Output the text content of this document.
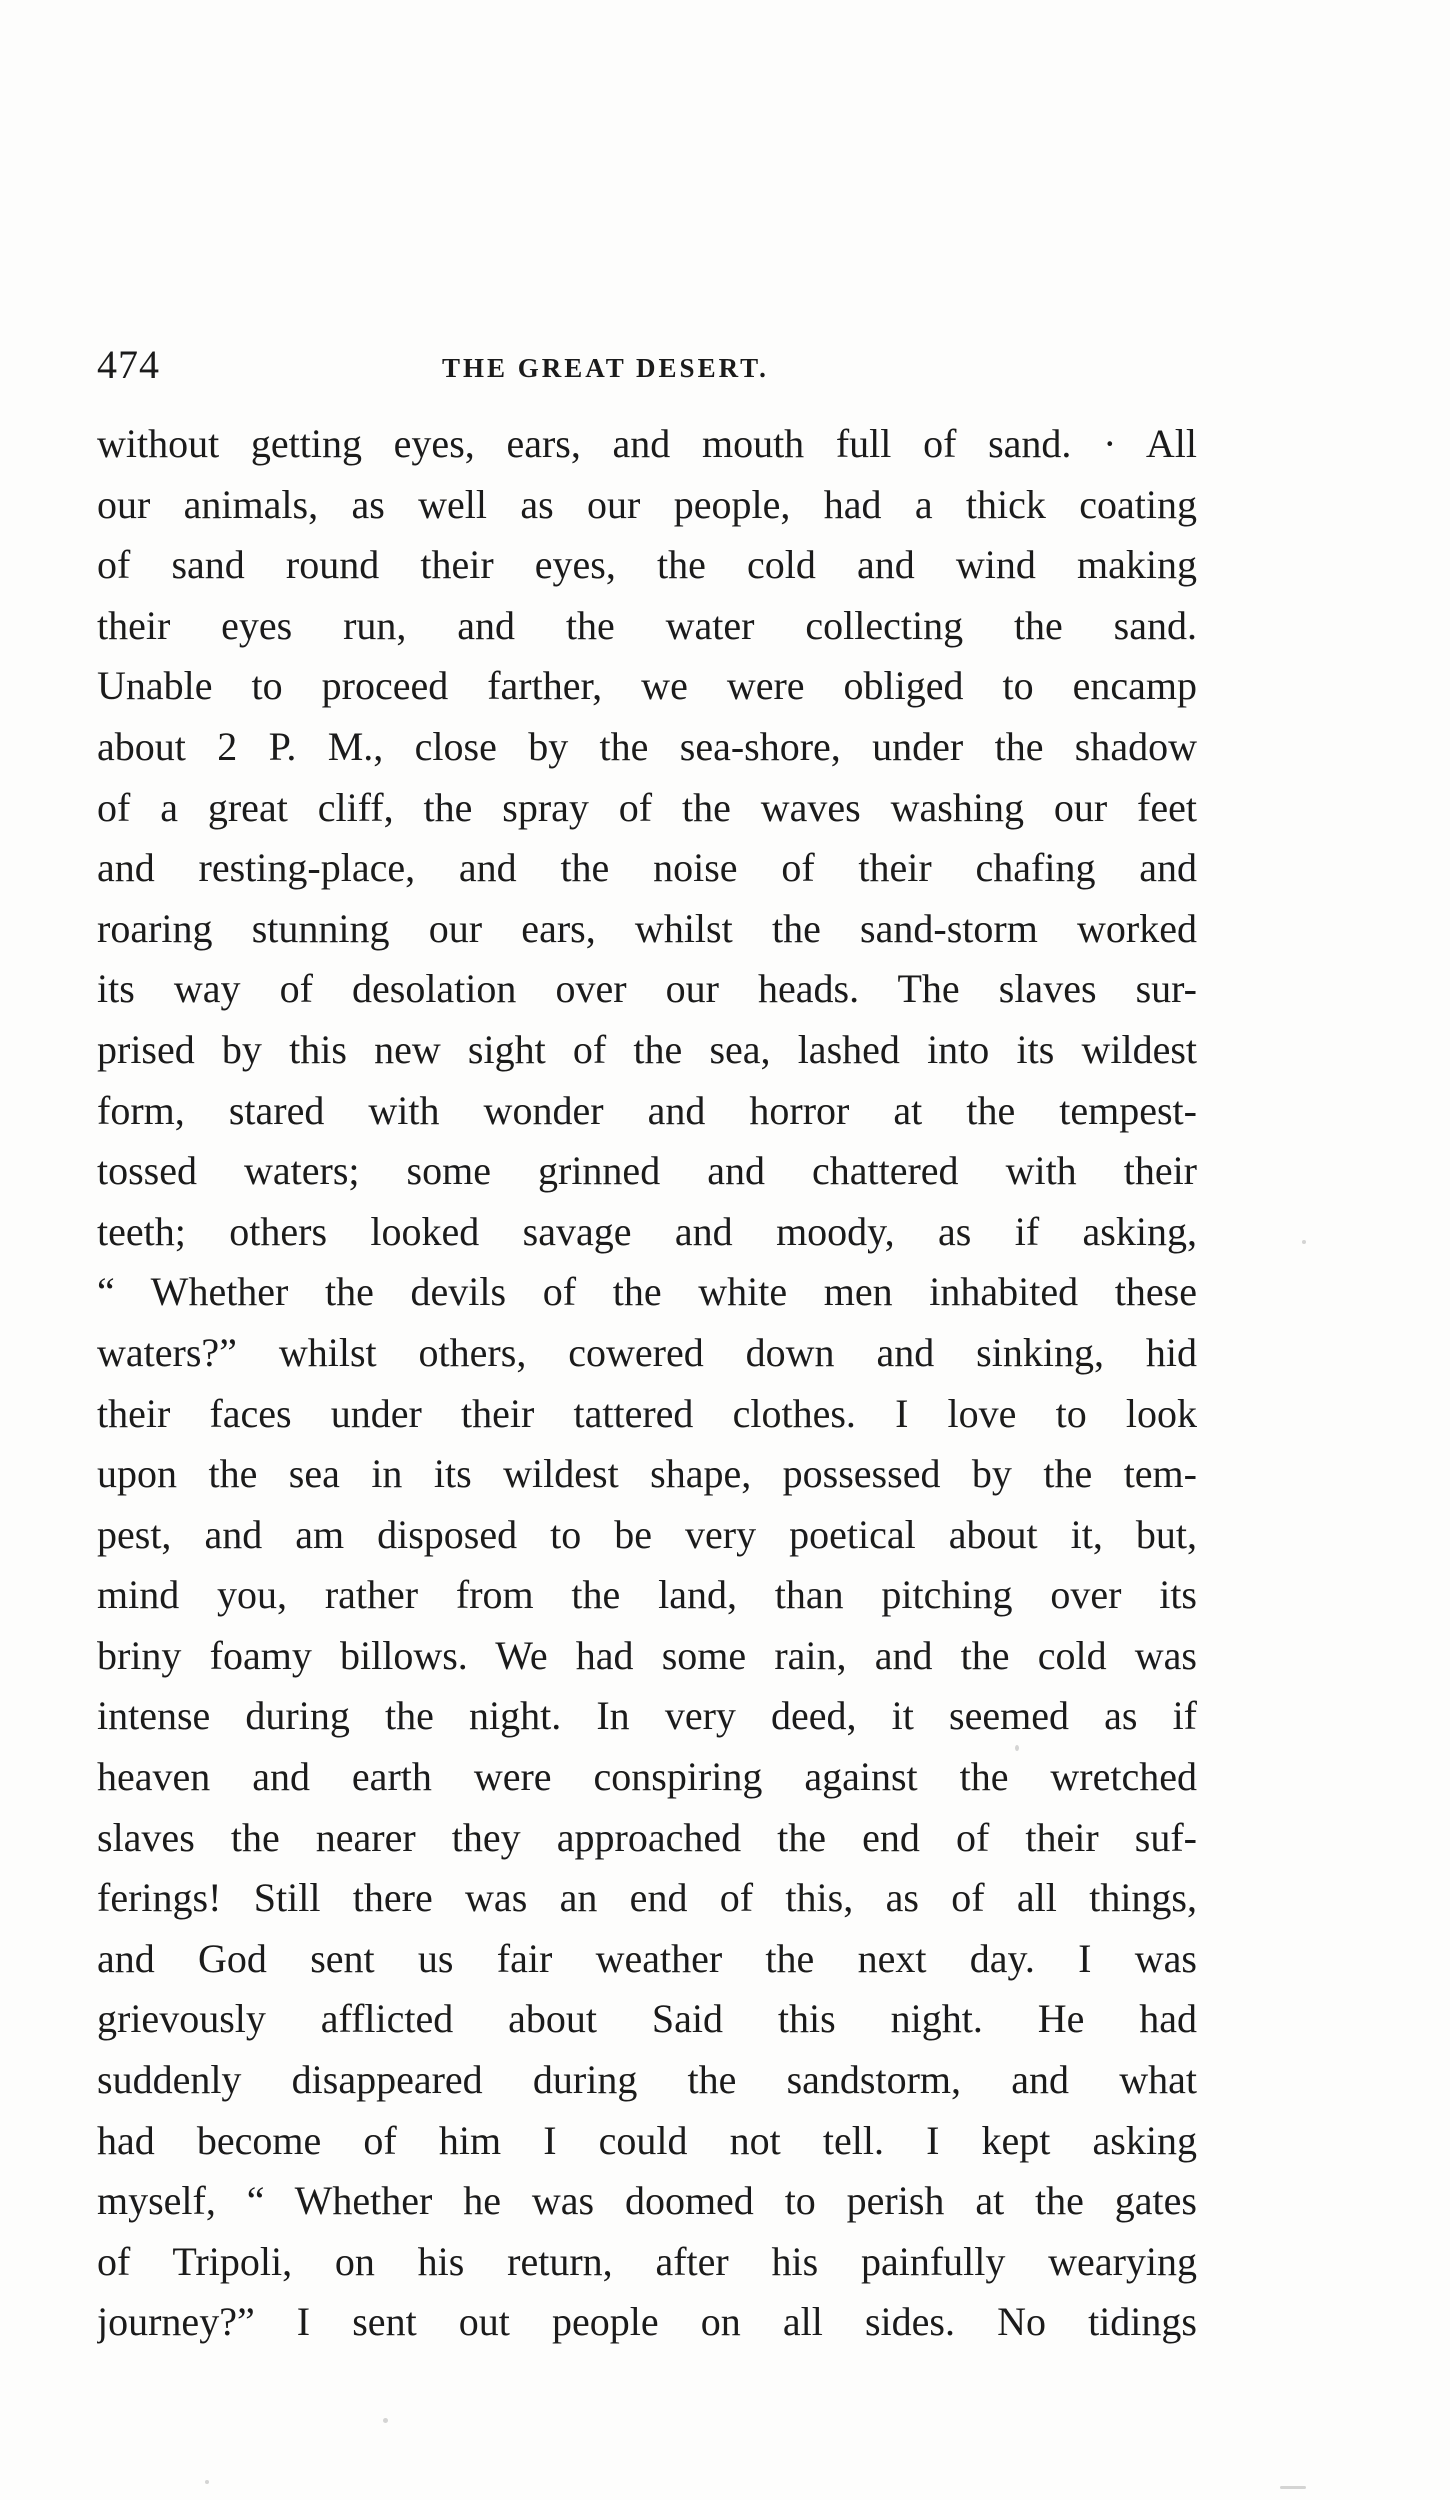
474	THE GREAT DESERT.
without getting eyes, ears, and mouth full of sand. · All
our animals, as well as our people, had a thick coating
of sand round their eyes, the cold and wind making
their eyes run, and the water collecting the sand.
Unable to proceed farther, we were obliged to encamp
about 2 P. M., close by the sea-shore, under the shadow
of a great cliff, the spray of the waves washing our feet
and resting-place, and the noise of their chafing and
roaring stunning our ears, whilst the sand-storm worked
its way of desolation over our heads. The slaves sur-
prised by this new sight of the sea, lashed into its wildest
form, stared with wonder and horror at the tempest-
tossed waters; some grinned and chattered with their
teeth; others looked savage and moody, as if asking,
“ Whether the devils of the white men inhabited these
waters?” whilst others, cowered down and sinking, hid
their faces under their tattered clothes. I love to look
upon the sea in its wildest shape, possessed by the tem-
pest, and am disposed to be very poetical about it, but,
mind you, rather from the land, than pitching over its
briny foamy billows. We had some rain, and the cold was
intense during the night. In very deed, it seemed as if
heaven and earth were conspiring against the wretched
slaves the nearer they approached the end of their suf-
ferings! Still there was an end of this, as of all things,
and God sent us fair weather the next day. I was
grievously afflicted about Said this night. He had
suddenly disappeared during the sandstorm, and what
had become of him I could not tell. I kept asking
myself, “ Whether he was doomed to perish at the gates
of Tripoli, on his return, after his painfully wearying
journey?” I sent out people on all sides. No tidings
